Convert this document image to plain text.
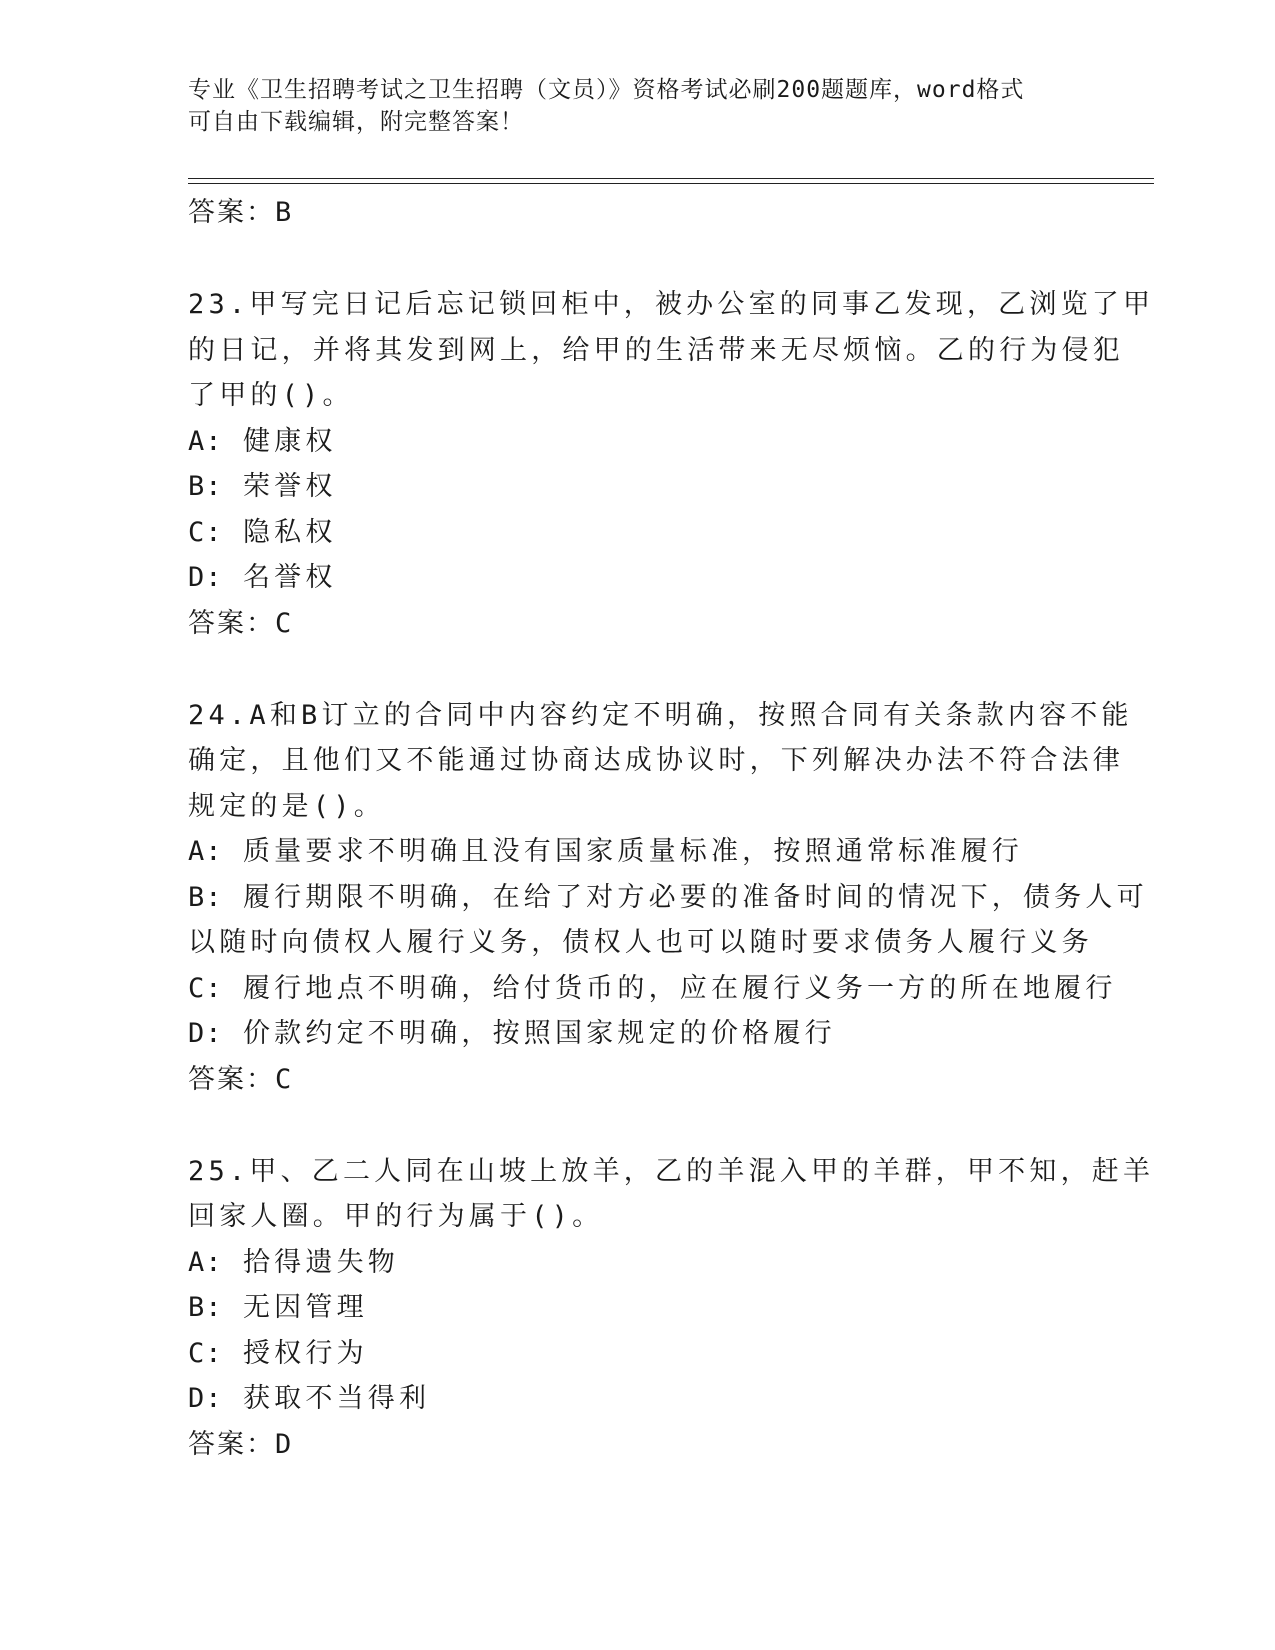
专业《卫生招聘考试之卫生招聘（文员）》资格考试必刷200题题库，word格式
可自由下载编辑，附完整答案！
答案：B
23.甲写完日记后忘记锁回柜中，被办公室的同事乙发现，乙浏览了甲
的日记，并将其发到网上，给甲的生活带来无尽烦恼。乙的行为侵犯
了甲的()。
A: 健康权
B: 荣誉权
C: 隐私权
D: 名誉权
答案：C
24.A和B订立的合同中内容约定不明确，按照合同有关条款内容不能
确定，且他们又不能通过协商达成协议时，下列解决办法不符合法律
规定的是()。
A: 质量要求不明确且没有国家质量标准，按照通常标准履行
B: 履行期限不明确，在给了对方必要的准备时间的情况下，债务人可
以随时向债权人履行义务，债权人也可以随时要求债务人履行义务
C: 履行地点不明确，给付货币的，应在履行义务一方的所在地履行
D: 价款约定不明确，按照国家规定的价格履行
答案：C
25.甲、乙二人同在山坡上放羊，乙的羊混入甲的羊群，甲不知，赶羊
回家人圈。甲的行为属于()。
A: 拾得遗失物
B: 无因管理
C: 授权行为
D: 获取不当得利
答案：D
